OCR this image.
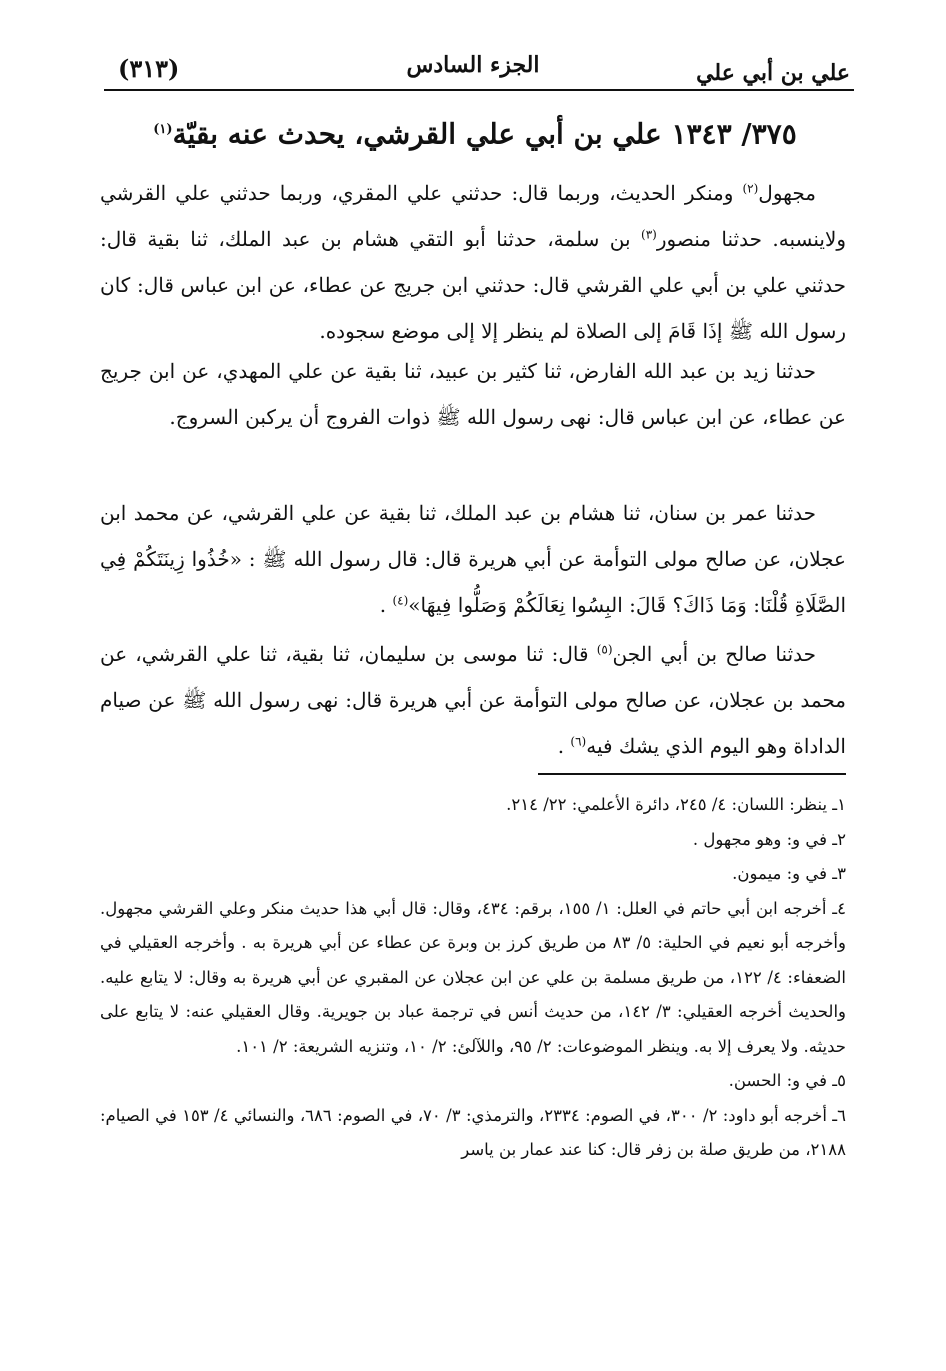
علي بن أبي علي
الجزء السادس
(٣١٣)
٣٧٥/ ١٣٤٣ علي بن أبي علي القرشي، يحدث عنه بقيّة$^{(١)}$

مجهول$^{(٢)}$ ومنكر الحديث، وربما قال: حدثني علي المقري، وربما حدثني علي القرشي ولاينسبه. حدثنا منصور$^{(٣)}$ بن سلمة، حدثنا أبو التقي هشام بن عبد الملك، ثنا بقية قال: حدثني علي بن أبي علي القرشي قال: حدثني ابن جريج عن عطاء، عن ابن عباس قال: كان رسول الله ﷺ إذَا قَامَ إلى الصلاة لم ينظر إلا إلى موضع سجوده.

حدثنا زيد بن عبد الله الفارض، ثنا كثير بن عبيد، ثنا بقية عن علي المهدي، عن ابن جريج عن عطاء، عن ابن عباس قال: نهى رسول الله ﷺ ذوات الفروج أن يركبن السروج.

حدثنا عمر بن سنان، ثنا هشام بن عبد الملك، ثنا بقية عن علي القرشي، عن محمد ابن عجلان، عن صالح مولى التوأمة عن أبي هريرة قال: قال رسول الله ﷺ : «خُذُوا زِينَتَكُمْ فِي الصَّلَاةِ قُلْنَا: وَمَا ذَاكَ؟ قَالَ: البِسُوا نِعَالَكُمْ وَصَلُّوا فِيهَا»$^{(٤)}$ .

حدثنا صالح بن أبي الجن$^{(٥)}$ قال: ثنا موسى بن سليمان، ثنا بقية، ثنا علي القرشي، عن محمد بن عجلان، عن صالح مولى التوأمة عن أبي هريرة قال: نهى رسول الله ﷺ عن صيام الداداة وهو اليوم الذي يشك فيه$^{(٦)}$ .

١ـ ينظر: اللسان: ٤/ ٢٤٥، دائرة الأعلمي: ٢٢/ ٢١٤.

٢ـ في و: وهو مجهول .

٣ـ في و: ميمون.

٤ـ أخرجه ابن أبي حاتم في العلل: ١/ ١٥٥، برقم: ٤٣٤، وقال: قال أبي هذا حديث منكر وعلي القرشي مجهول. وأخرجه أبو نعيم في الحلية: ٥/ ٨٣ من طريق كرز بن وبرة عن عطاء عن أبي هريرة به . وأخرجه العقيلي في الضعفاء: ٤/ ١٢٢، من طريق مسلمة بن علي عن ابن عجلان عن المقبري عن أبي هريرة به وقال: لا يتابع عليه. والحديث أخرجه العقيلي: ٣/ ١٤٢، من حديث أنس في ترجمة عباد بن جويرية. وقال العقيلي عنه: لا يتابع على حديثه. ولا يعرف إلا به. وينظر الموضوعات: ٢/ ٩٥، واللآلئ: ٢/ ١٠، وتنزيه الشريعة: ٢/ ١٠١.

٥ـ في و: الحسن.

٦ـ أخرجه أبو داود: ٢/ ٣٠٠، في الصوم: ٢٣٣٤، والترمذي: ٣/ ٧٠، في الصوم: ٦٨٦، والنسائي ٤/ ١٥٣ في الصيام: ٢١٨٨، من طريق صلة بن زفر قال: كنا عند عمار بن ياسر
